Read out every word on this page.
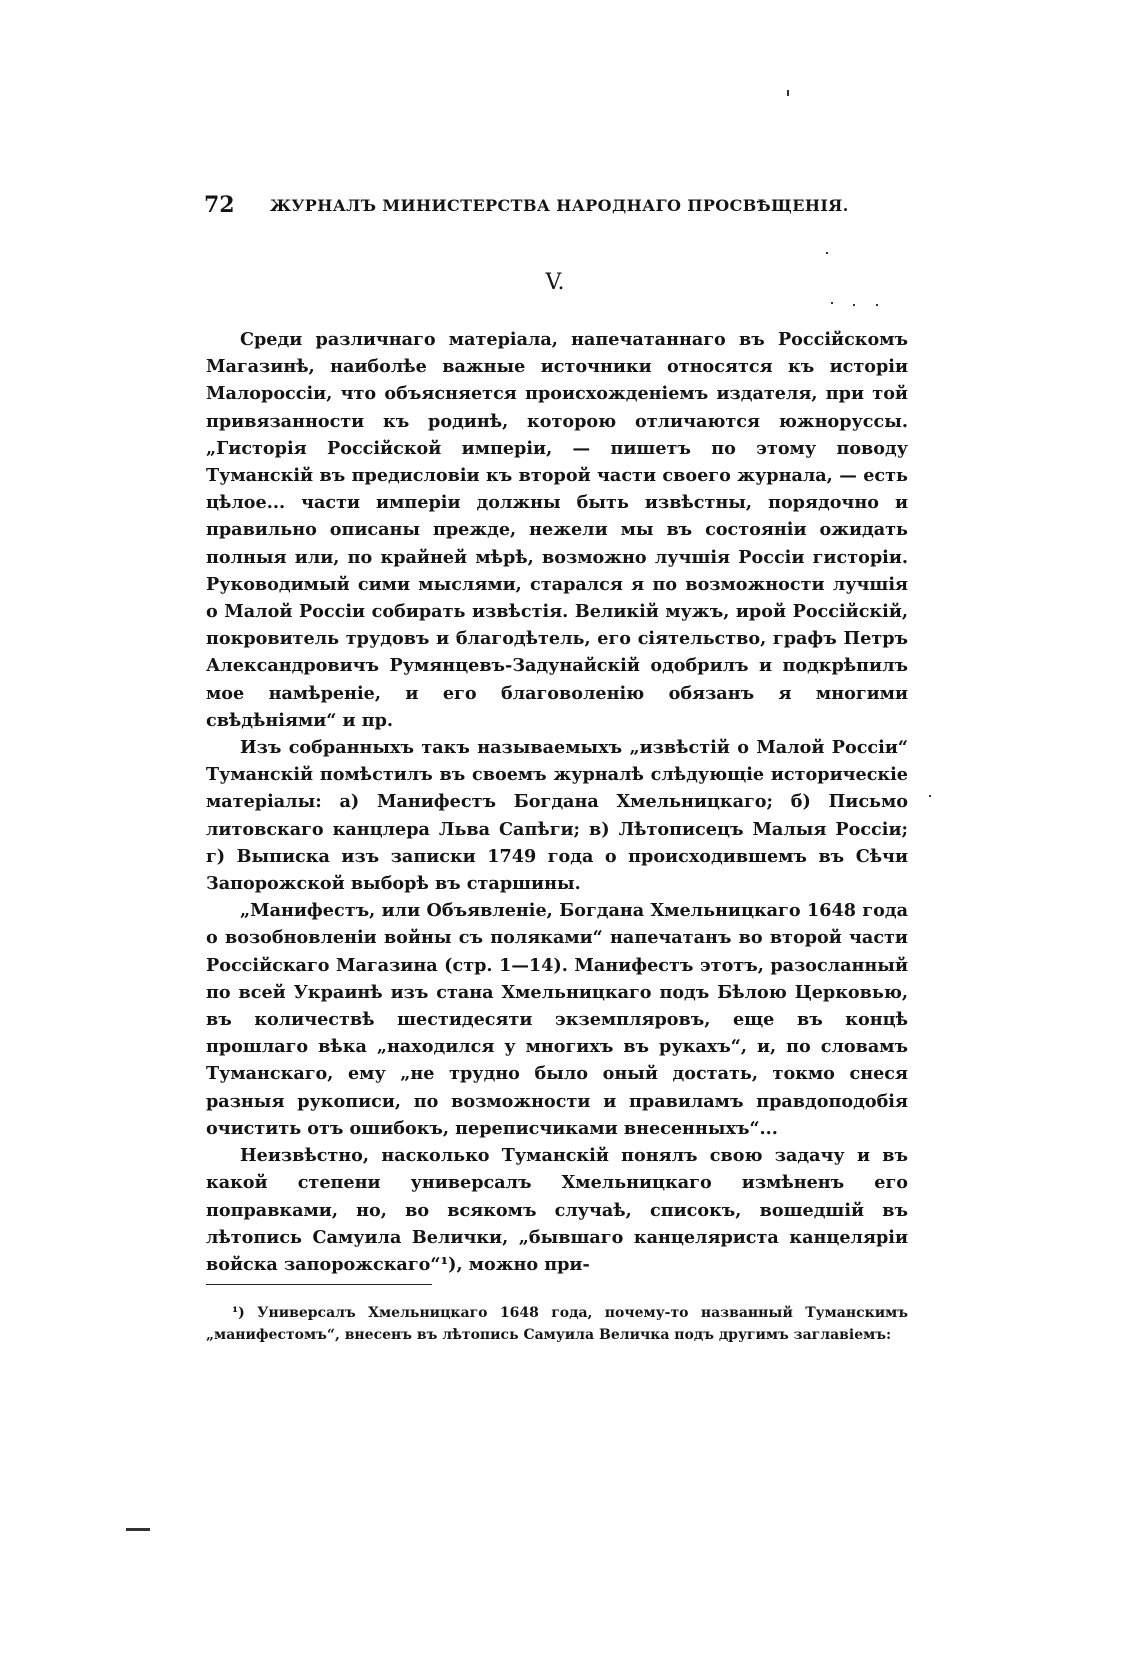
72 ЖУРНАЛЪ МИНИСТЕРСТВА НАРОДНАГО ПРОСВѢЩЕНІЯ.
V.

Среди различнаго матеріала, напечатаннаго въ Россійскомъ Магазинѣ, наиболѣе важные источники относятся къ исторіи Малороссіи, что объясняется происхожденіемъ издателя, при той привязанности къ родинѣ, которою отличаются южноруссы. „Гисторія Россійской имперіи, — пишетъ по этому поводу Туманскій въ предисловіи къ второй части своего журнала, — есть цѣлое... части имперіи должны быть извѣстны, порядочно и правильно описаны прежде, нежели мы въ состояніи ожидать полныя или, по крайней мѣрѣ, возможно лучшія Россіи гисторіи. Руководимый сими мыслями, старался я по возможности лучшія о Малой Россіи собирать извѣстія. Великій мужъ, ирой Россійскій, покровитель трудовъ и благодѣтель, его сіятельство, графъ Петръ Александровичъ Румянцевъ-Задунайскій одобрилъ и подкрѣпилъ мое намѣреніе, и его благоволенію обязанъ я многими свѣдѣніями“ и пр.

Изъ собранныхъ такъ называемыхъ „извѣстій о Малой Россіи“ Туманскій помѣстилъ въ своемъ журналѣ слѣдующіе историческіе матеріалы: а) Манифестъ Богдана Хмельницкаго; б) Письмо литовскаго канцлера Льва Сапѣги; в) Лѣтописецъ Малыя Россіи; г) Выписка изъ записки 1749 года о происходившемъ въ Сѣчи Запорожской выборѣ въ старшины.

„Манифестъ, или Объявленіе, Богдана Хмельницкаго 1648 года о возобновленіи войны съ поляками“ напечатанъ во второй части Россійскаго Магазина (стр. 1—14). Манифестъ этотъ, разосланный по всей Украинѣ изъ стана Хмельницкаго подъ Бѣлою Церковью, въ количествѣ шестидесяти экземпляровъ, еще въ концѣ прошлаго вѣка „находился у многихъ въ рукахъ“, и, по словамъ Туманскаго, ему „не трудно было оный достать, токмо снеся разныя рукописи, по возможности и правиламъ правдоподобія очистить отъ ошибокъ, переписчиками внесенныхъ“...

Неизвѣстно, насколько Туманскій понялъ свою задачу и въ какой степени универсалъ Хмельницкаго измѣненъ его поправками, но, во всякомъ случаѣ, списокъ, вошедшій въ лѣтопись Самуила Велички, „бывшаго канцеляриста канцеляріи войска запорожскаго“¹), можно при-

¹) Универсалъ Хмельницкаго 1648 года, почему-то названный Туманскимъ „манифестомъ“, внесенъ въ лѣтопись Самуила Величка подъ другимъ заглавіемъ:
